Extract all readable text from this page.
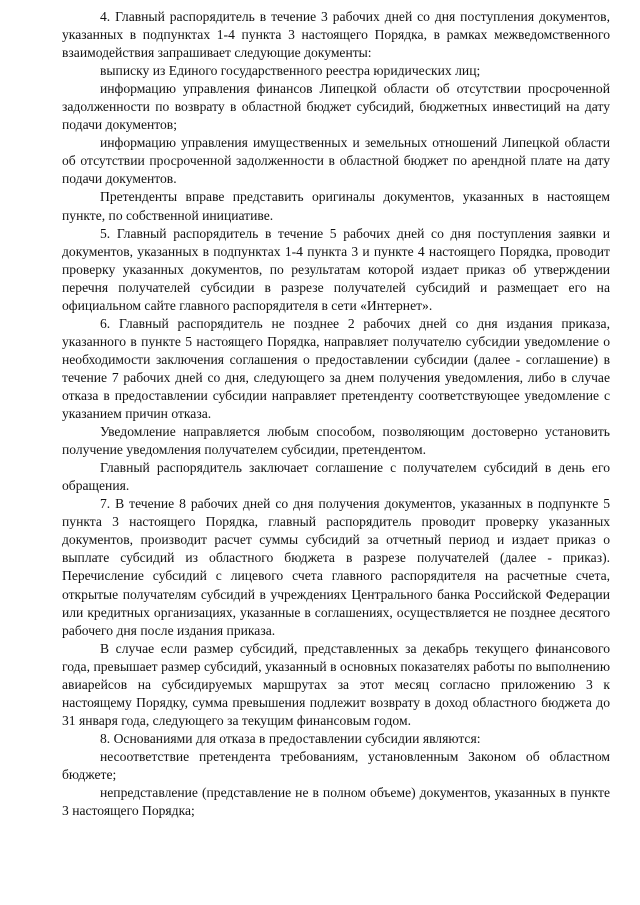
4. Главный распорядитель в течение 3 рабочих дней со дня поступления документов, указанных в подпунктах 1-4 пункта 3 настоящего Порядка, в рамках межведомственного взаимодействия запрашивает следующие документы:

выписку из Единого государственного реестра юридических лиц;

информацию управления финансов Липецкой области об отсутствии просроченной задолженности по возврату в областной бюджет субсидий, бюджетных инвестиций на дату подачи документов;

информацию управления имущественных и земельных отношений Липецкой области об отсутствии просроченной задолженности в областной бюджет по арендной плате на дату подачи документов.

Претенденты вправе представить оригиналы документов, указанных в настоящем пункте, по собственной инициативе.

5. Главный распорядитель в течение 5 рабочих дней со дня поступления заявки и документов, указанных в подпунктах 1-4 пункта 3 и пункте 4 настоящего Порядка, проводит проверку указанных документов, по результатам которой издает приказ об утверждении перечня получателей субсидии в разрезе получателей субсидий и размещает его на официальном сайте главного распорядителя в сети «Интернет».

6. Главный распорядитель не позднее 2 рабочих дней со дня издания приказа, указанного в пункте 5 настоящего Порядка, направляет получателю субсидии уведомление о необходимости заключения соглашения о предоставлении субсидии (далее - соглашение) в течение 7 рабочих дней со дня, следующего за днем получения уведомления, либо в случае отказа в предоставлении субсидии направляет претенденту соответствующее уведомление с указанием причин отказа.

Уведомление направляется любым способом, позволяющим достоверно установить получение уведомления получателем субсидии, претендентом.

Главный распорядитель заключает соглашение с получателем субсидий в день его обращения.

7. В течение 8 рабочих дней со дня получения документов, указанных в подпункте 5 пункта 3 настоящего Порядка, главный распорядитель проводит проверку указанных документов, производит расчет суммы субсидий за отчетный период и издает приказ о выплате субсидий из областного бюджета в разрезе получателей (далее - приказ). Перечисление субсидий с лицевого счета главного распорядителя на расчетные счета, открытые получателям субсидий в учреждениях Центрального банка Российской Федерации или кредитных организациях, указанные в соглашениях, осуществляется не позднее десятого рабочего дня после издания приказа.

В случае если размер субсидий, представленных за декабрь текущего финансового года, превышает размер субсидий, указанный в основных показателях работы по выполнению авиарейсов на субсидируемых маршрутах за этот месяц согласно приложению 3 к настоящему Порядку, сумма превышения подлежит возврату в доход областного бюджета до 31 января года, следующего за текущим финансовым годом.

8. Основаниями для отказа в предоставлении субсидии являются:

несоответствие претендента требованиям, установленным Законом об областном бюджете;

непредставление (представление не в полном объеме) документов, указанных в пункте 3 настоящего Порядка;
